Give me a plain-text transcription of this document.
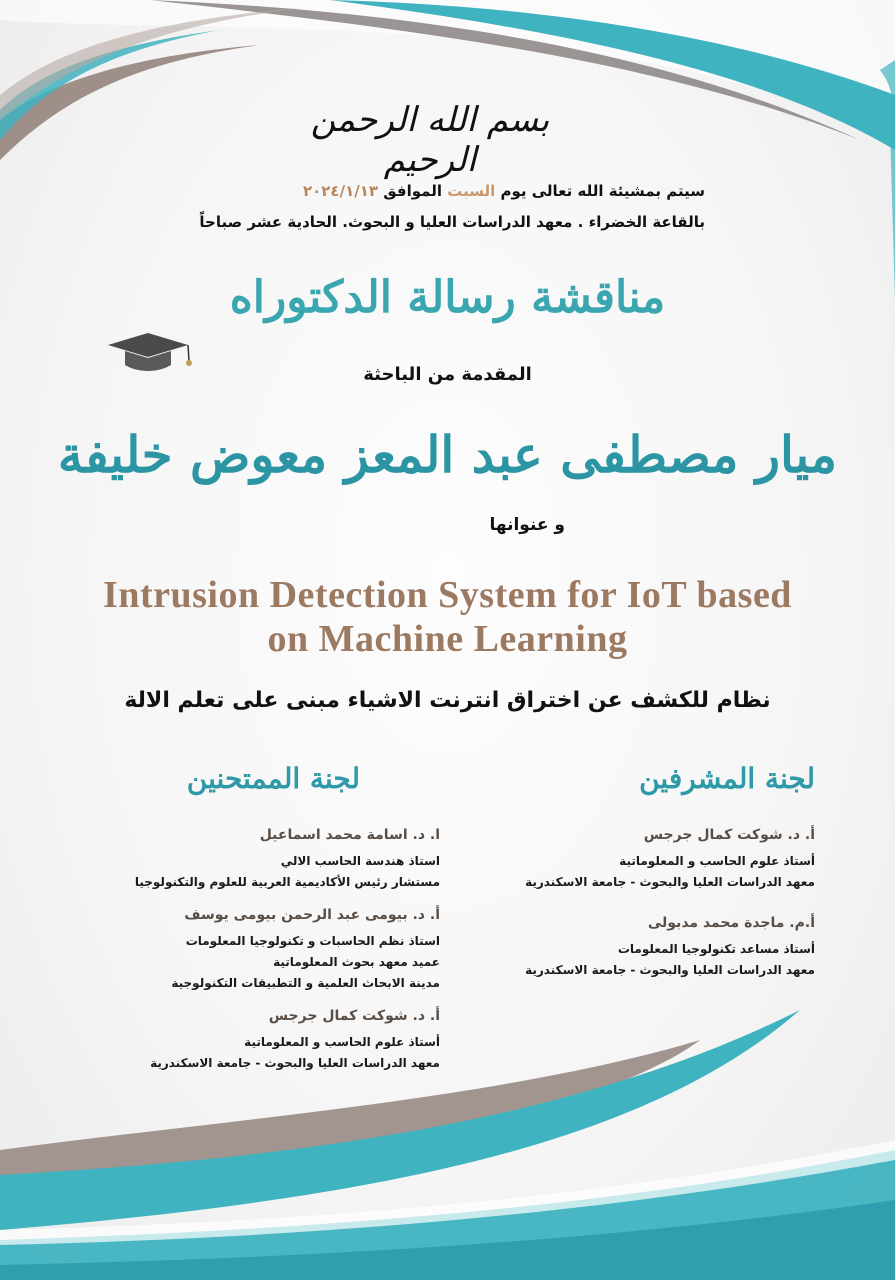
بسم الله الرحمن الرحيم
سيتم بمشيئة الله تعالى يوم السبت الموافق ٢٠٢٤/١/١٣
بالقاعة الخضراء . معهد الدراسات العليا و البحوث. الحادية عشر صباحاً
مناقشة رسالة الدكتوراه
المقدمة من الباحثة
ميار مصطفى عبد المعز معوض خليفة
و عنوانها
Intrusion Detection System for IoT based on Machine Learning
نظام للكشف عن اختراق انترنت الاشياء مبنى على تعلم الالة
لجنة المشرفين
أ. د. شوكت كمال جرجس
أستاذ علوم الحاسب و المعلوماتية
معهد الدراسات العليا والبحوث - جامعة الاسكندرية
أ.م. ماجدة محمد مدبولى
أستاذ مساعد تكنولوجيا المعلومات
معهد الدراسات العليا والبحوث - جامعة الاسكندرية
لجنة الممتحنين
ا. د. اسامة محمد اسماعيل
استاذ هندسة الحاسب الالي
مستشار رئيس الأكاديمية العربية للعلوم والتكنولوجيا
أ. د. بيومى عبد الرحمن بيومى يوسف
استاذ نظم الحاسبات و تكنولوجيا المعلومات
عميد معهد بحوث المعلوماتية
مدينة الابحاث العلمية و التطبيقات التكنولوجية
أ. د. شوكت كمال جرجس
أستاذ علوم الحاسب و المعلوماتية
معهد الدراسات العليا والبحوث - جامعة الاسكندرية
